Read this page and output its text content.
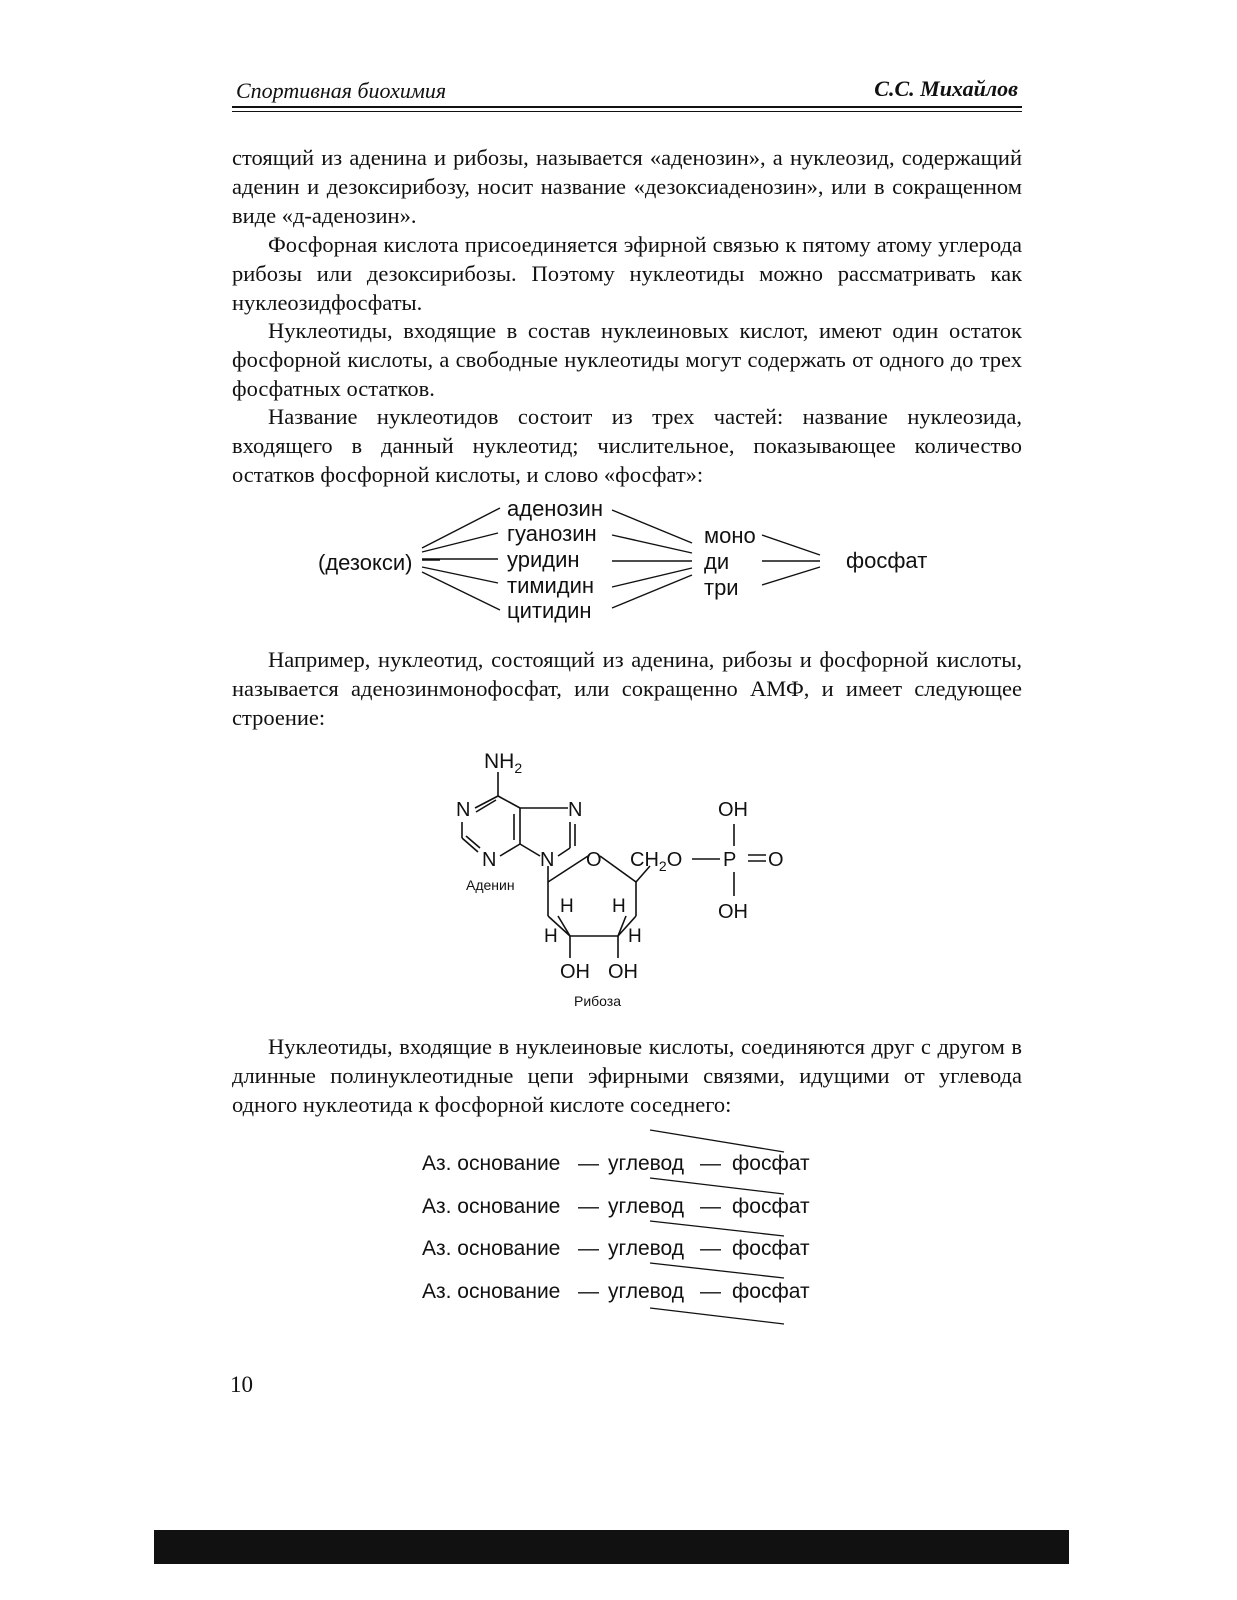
Спортивная биохимия	С.С. Михайлов

стоящий из аденина и рибозы, называется «аденозин», а нуклеозид, содержащий аденин и дезоксирибозу, носит название «дезоксиаденозин», или в сокращенном виде «д-аденозин».

Фосфорная кислота присоединяется эфирной связью к пятому атому углерода рибозы или дезоксирибозы. Поэтому нуклеотиды можно рассматривать как нуклеозидфосфаты.

Нуклеотиды, входящие в состав нуклеиновых кислот, имеют один остаток фосфорной кислоты, а свободные нуклеотиды могут содержать от одного до трех фосфатных остатков.

Название нуклеотидов состоит из трех частей: название нуклеозида, входящего в данный нуклеотид; числительное, показывающее количество остатков фосфорной кислоты, и слово «фосфат»:

(дезокси)
аденозин
гуанозин
уридин
тимидин
цитидин
моно
ди
три
фосфат

Например, нуклеотид, состоящий из аденина, рибозы и фосфорной кислоты, называется аденозинмонофосфат, или сокращенно АМФ, и имеет следующее строение:

$NH_2$
N	N
N N O $CH_2O$ P O
OH
OH
H H
H	H
OH OH
Аденин
Рибоза

Нуклеотиды, входящие в нуклеиновые кислоты, соединяются друг с другом в длинные полинуклеотидные цепи эфирными связями, идущими от углевода одного нуклеотида к фосфорной кислоте соседнего:

Аз. основание — углевод — фосфат
Аз. основание — углевод — фосфат
Аз. основание — углевод — фосфат
Аз. основание — углевод — фосфат
10
